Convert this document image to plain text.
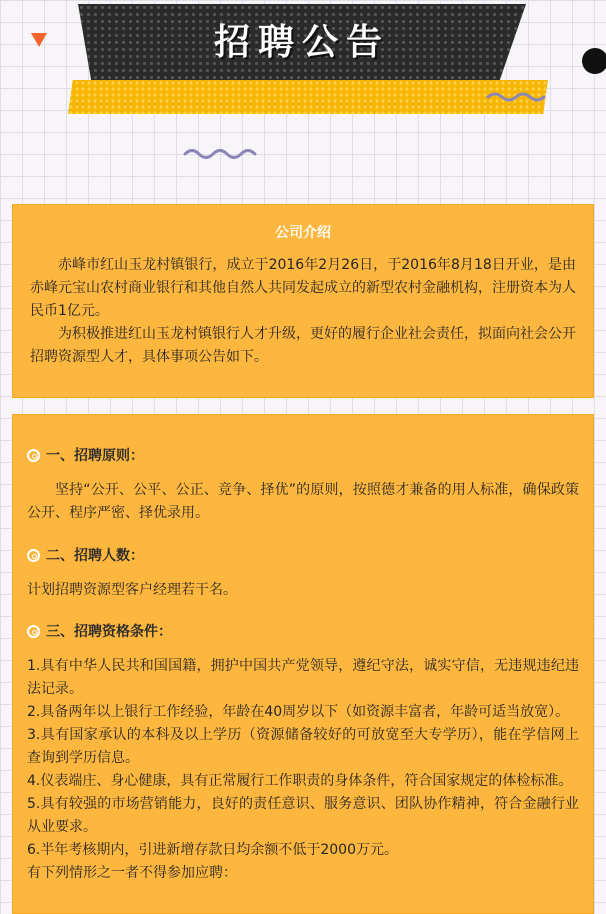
招聘公告
公司介绍

赤峰市红山玉龙村镇银行，成立于2016年2月26日，于2016年8月18日开业，是由赤峰元宝山农村商业银行和其他自然人共同发起成立的新型农村金融机构，注册资本为人民币1亿元。

为积极推进红山玉龙村镇银行人才升级，更好的履行企业社会责任，拟面向社会公开招聘资源型人才，具体事项公告如下。

一、招聘原则：
坚持“公开、公平、公正、竞争、择优”的原则，按照德才兼备的用人标准，确保政策公开、程序严密、择优录用。
二、招聘人数：
计划招聘资源型客户经理若干名。
三、招聘资格条件：
1.具有中华人民共和国国籍，拥护中国共产党领导，遵纪守法，诚实守信，无违规违纪违法记录。
2.具备两年以上银行工作经验，年龄在40周岁以下（如资源丰富者，年龄可适当放宽）。
3.具有国家承认的本科及以上学历（资源储备较好的可放宽至大专学历），能在学信网上查询到学历信息。
4.仪表端庄、身心健康，具有正常履行工作职责的身体条件，符合国家规定的体检标准。
5.具有较强的市场营销能力，良好的责任意识、服务意识、团队协作精神，符合金融行业从业要求。
6.半年考核期内，引进新增存款日均余额不低于2000万元。
有下列情形之一者不得参加应聘：
